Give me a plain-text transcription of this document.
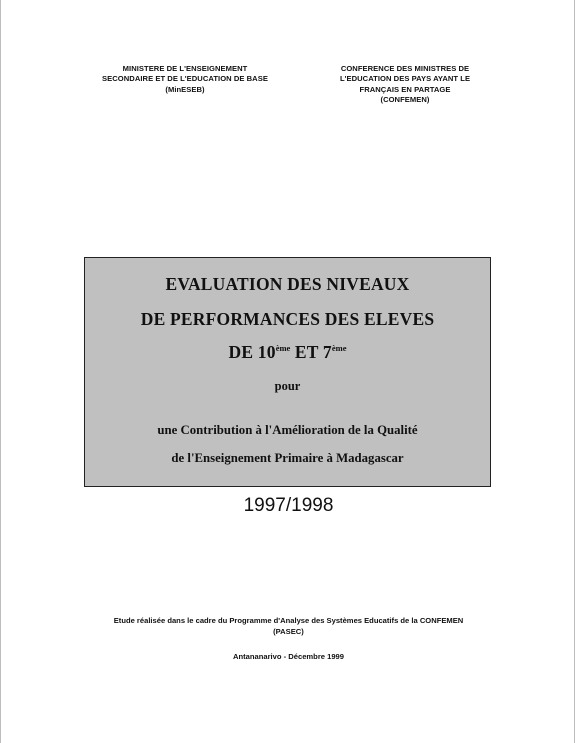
MINISTERE DE L'ENSEIGNEMENT
SECONDAIRE ET DE L'EDUCATION DE BASE
(MinESEB)
CONFERENCE DES MINISTRES DE
L'EDUCATION DES PAYS AYANT LE
FRANÇAIS EN PARTAGE
(CONFEMEN)
EVALUATION DES NIVEAUX
DE PERFORMANCES DES ELEVES
DE 10ème ET 7ème
pour
une Contribution à l'Amélioration de la Qualité
de l'Enseignement Primaire à Madagascar
1997/1998
Etude réalisée dans le cadre du Programme d'Analyse des Systèmes Educatifs de la CONFEMEN
(PASEC)
Antananarivo - Décembre 1999
